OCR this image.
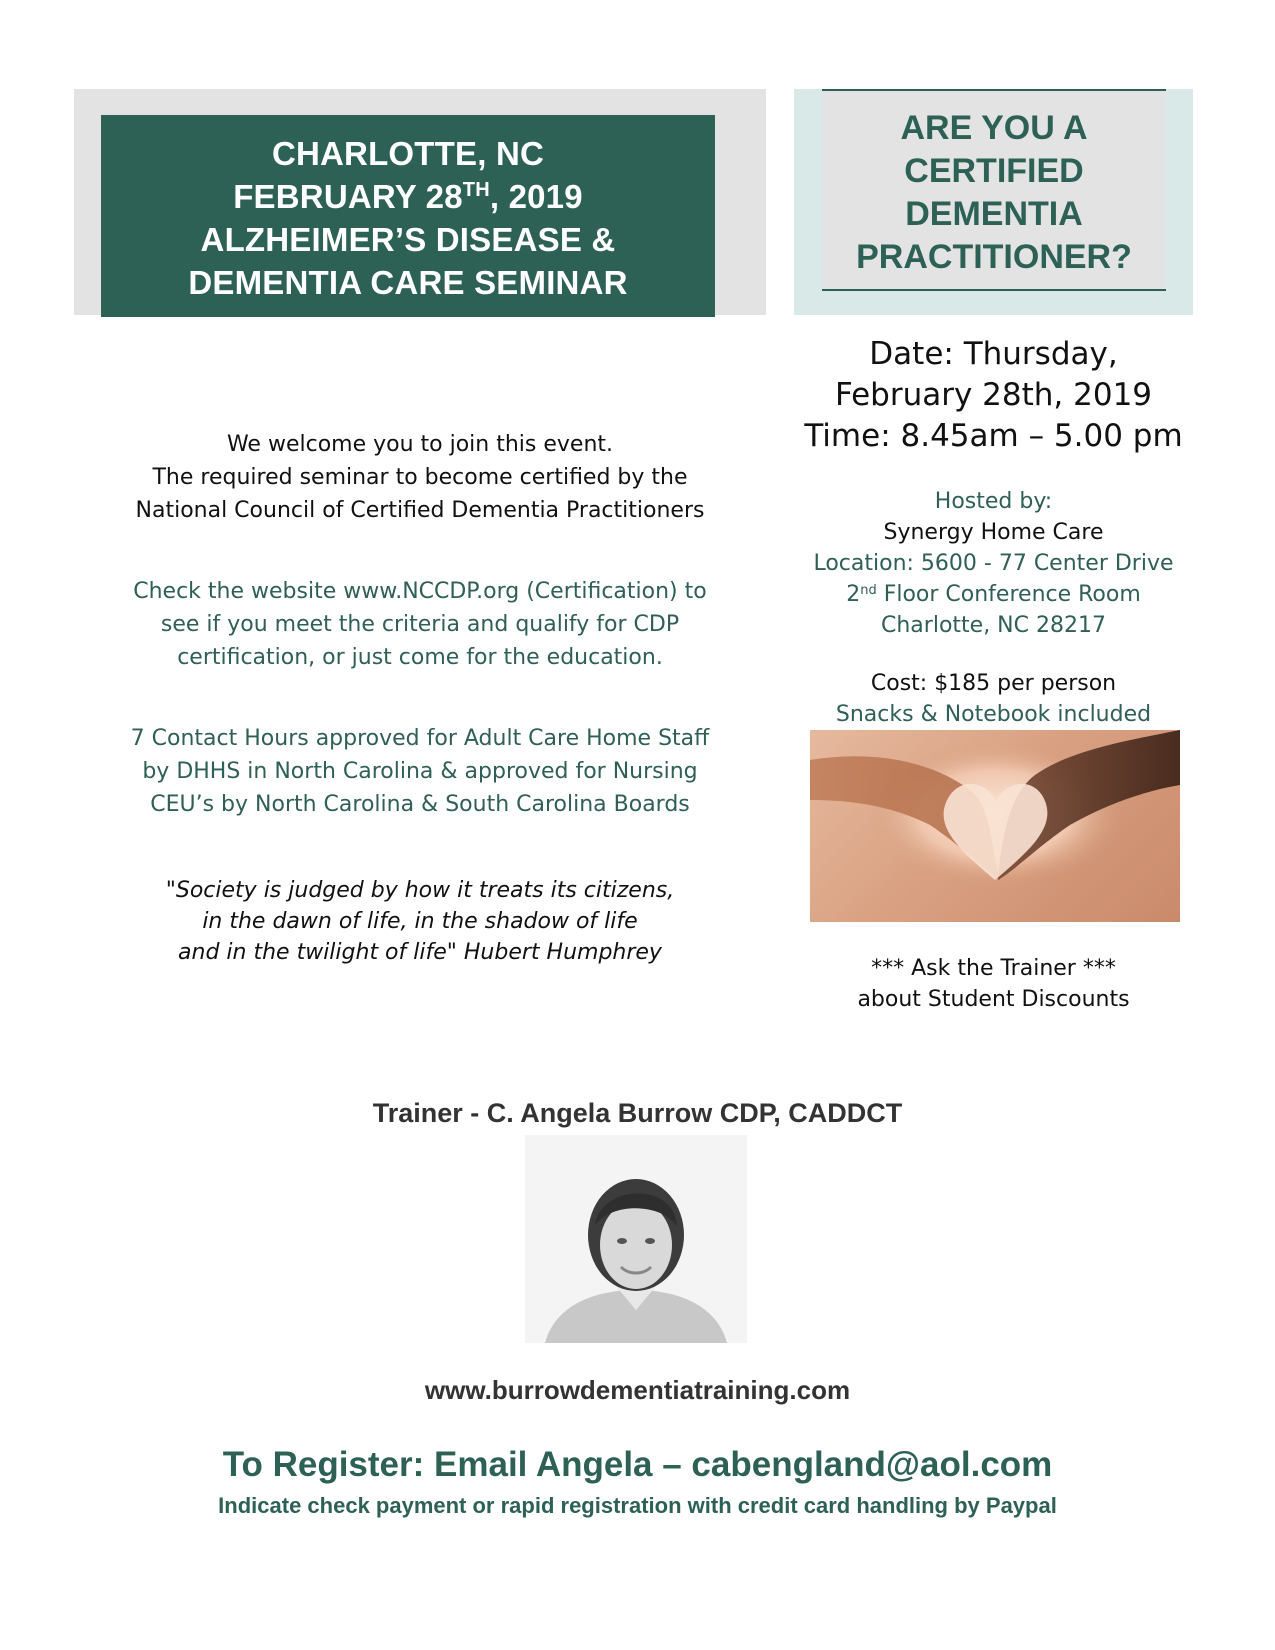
CHARLOTTE, NC
FEBRUARY 28TH, 2019
ALZHEIMER’S DISEASE &
DEMENTIA CARE SEMINAR
ARE YOU A
CERTIFIED
DEMENTIA
PRACTITIONER?
We welcome you to join this event.
The required seminar to become certified by the
National Council of Certified Dementia Practitioners
Check the website www.NCCDP.org (Certification) to
see if you meet the criteria and qualify for CDP
certification, or just come for the education.
7 Contact Hours approved for Adult Care Home Staff
by DHHS in North Carolina & approved for Nursing
CEU’s by North Carolina & South Carolina Boards
"Society is judged by how it treats its citizens,
in the dawn of life, in the shadow of life
and in the twilight of life" Hubert Humphrey
Date: Thursday,
February 28th, 2019
Time: 8.45am – 5.00 pm
Hosted by:
Synergy Home Care
Location: 5600 - 77 Center Drive
2nd Floor Conference Room
Charlotte, NC 28217
Cost: $185 per person
Snacks & Notebook included
*** Ask the Trainer ***
about Student Discounts
Trainer - C. Angela Burrow CDP, CADDCT
www.burrowdementiatraining.com
To Register: Email Angela – cabengland@aol.com
Indicate check payment or rapid registration with credit card handling by Paypal
